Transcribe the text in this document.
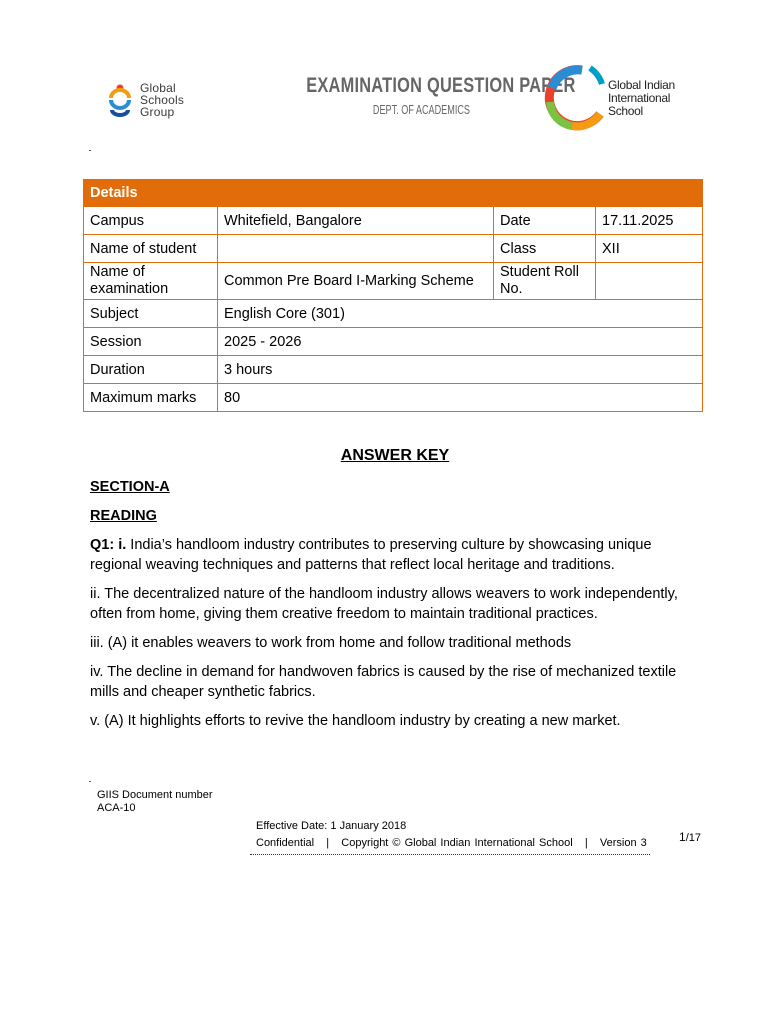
Global
Schools
Group
EXAMINATION QUESTION PAPER
DEPT. OF ACADEMICS
Global Indian
International
School
Details			
Campus	Whitefield, Bangalore	Date	17.11.2025
Name of student		Class	XII
Name of examination	Common Pre Board I-Marking Scheme	Student Roll No.	
Subject	English Core (301)		
Session	2025 - 2026		
Duration	3 hours		
Maximum marks	80		

ANSWER KEY

SECTION-A

READING

Q1: i. India’s handloom industry contributes to preserving culture by showcasing unique regional weaving techniques and patterns that reflect local heritage and traditions.

ii. The decentralized nature of the handloom industry allows weavers to work independently, often from home, giving them creative freedom to maintain traditional practices.

iii. (A) it enables weavers to work from home and follow traditional methods

iv. The decline in demand for handwoven fabrics is caused by the rise of mechanized textile mills and cheaper synthetic fabrics.

v. (A) It highlights efforts to revive the handloom industry by creating a new market.

GIIS Document number
ACA-10
Effective Date: 1 January 2018
Confidential   |   Copyright © Global Indian International School   |   Version 3	1/17
